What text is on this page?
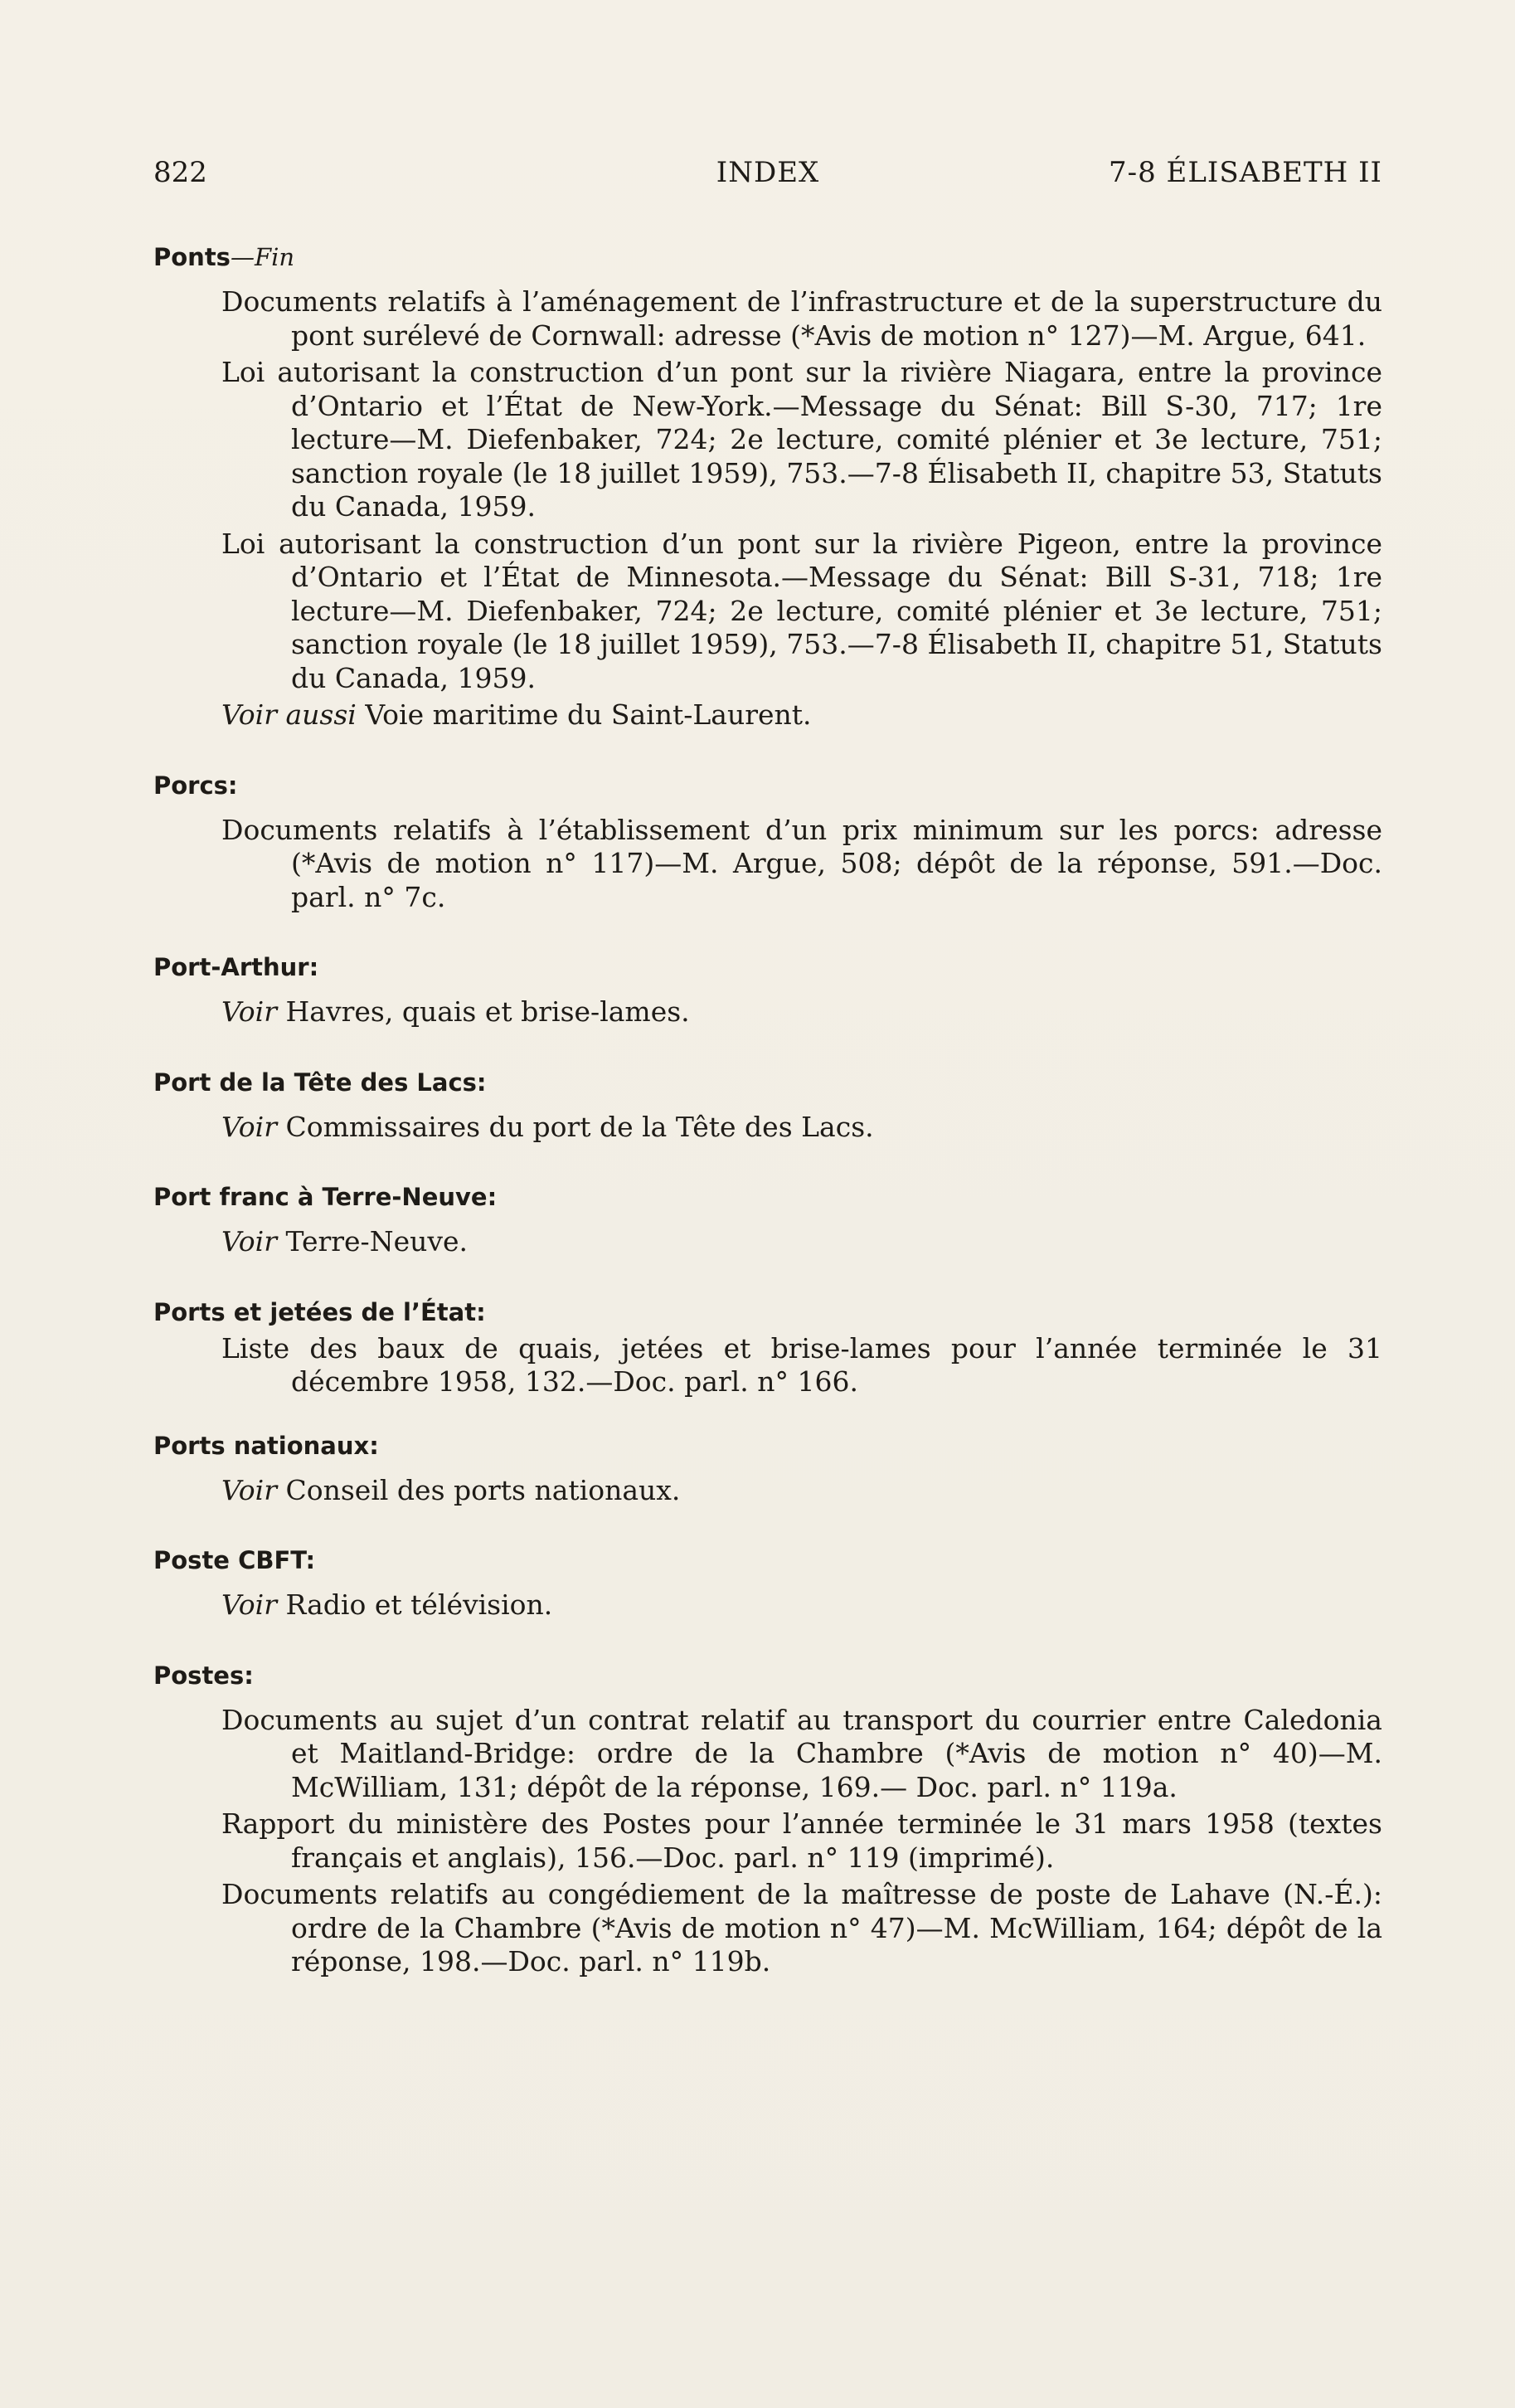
822	INDEX	7-8 ÉLISABETH II

Ponts—Fin

Documents relatifs à l’aménagement de l’infrastructure et de la superstructure du pont surélevé de Cornwall: adresse (*Avis de motion n° 127)—M. Argue, 641.
Loi autorisant la construction d’un pont sur la rivière Niagara, entre la province d’Ontario et l’État de New-York.—Message du Sénat: Bill S-30, 717; 1re lecture—M. Diefenbaker, 724; 2e lecture, comité plénier et 3e lecture, 751; sanction royale (le 18 juillet 1959), 753.—7-8 Élisabeth II, chapitre 53, Statuts du Canada, 1959.
Loi autorisant la construction d’un pont sur la rivière Pigeon, entre la province d’Ontario et l’État de Minnesota.—Message du Sénat: Bill S-31, 718; 1re lecture—M. Diefenbaker, 724; 2e lecture, comité plénier et 3e lecture, 751; sanction royale (le 18 juillet 1959), 753.—7-8 Élisabeth II, chapitre 51, Statuts du Canada, 1959.
Voir aussi Voie maritime du Saint-Laurent.

Porcs:

Documents relatifs à l’établissement d’un prix minimum sur les porcs: adresse (*Avis de motion n° 117)—M. Argue, 508; dépôt de la réponse, 591.—Doc. parl. n° 7c.

Port-Arthur:

Voir Havres, quais et brise-lames.

Port de la Tête des Lacs:

Voir Commissaires du port de la Tête des Lacs.

Port franc à Terre-Neuve:

Voir Terre-Neuve.

Ports et jetées de l’État:

Liste des baux de quais, jetées et brise-lames pour l’année terminée le 31 décembre 1958, 132.—Doc. parl. n° 166.

Ports nationaux:

Voir Conseil des ports nationaux.

Poste CBFT:

Voir Radio et télévision.

Postes:

Documents au sujet d’un contrat relatif au transport du courrier entre Caledonia et Maitland-Bridge: ordre de la Chambre (*Avis de motion n° 40)—M. McWilliam, 131; dépôt de la réponse, 169.— Doc. parl. n° 119a.
Rapport du ministère des Postes pour l’année terminée le 31 mars 1958 (textes français et anglais), 156.—Doc. parl. n° 119 (imprimé).
Documents relatifs au congédiement de la maîtresse de poste de Lahave (N.-É.): ordre de la Chambre (*Avis de motion n° 47)—M. McWilliam, 164; dépôt de la réponse, 198.—Doc. parl. n° 119b.
